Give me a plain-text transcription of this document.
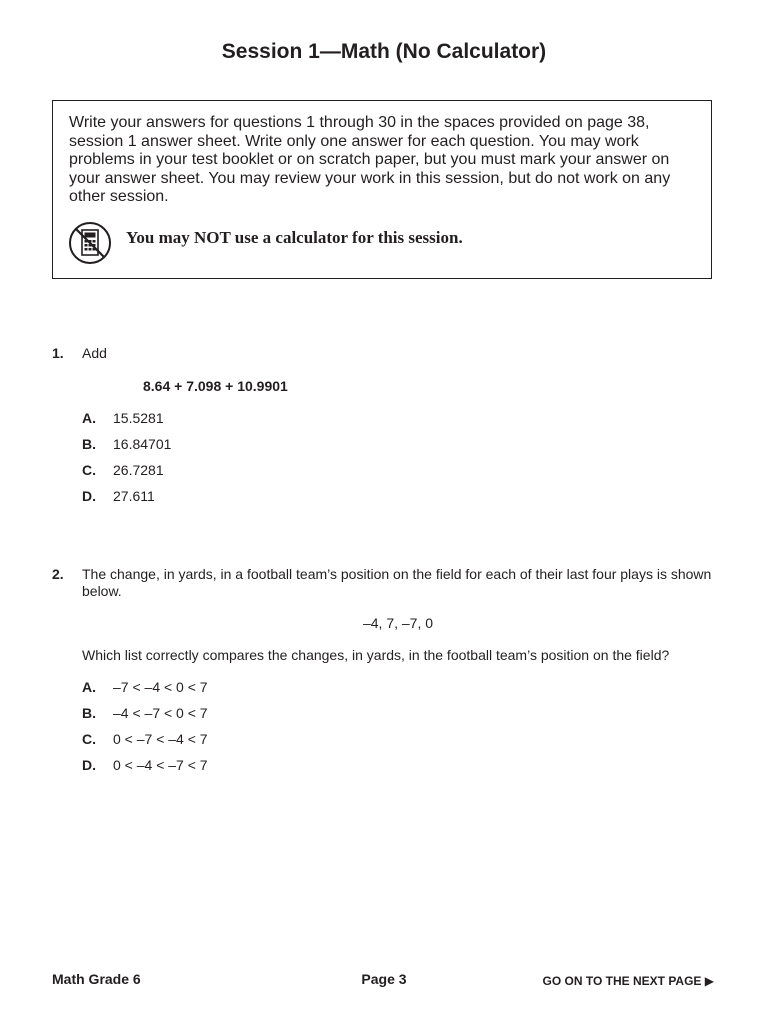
Session 1—Math (No Calculator)
Write your answers for questions 1 through 30 in the spaces provided on page 38, session 1 answer sheet. Write only one answer for each question. You may work problems in your test booklet or on scratch paper, but you must mark your answer on your answer sheet. You may review your work in this session, but do not work on any other session.
You may NOT use a calculator for this session.
1. Add
8.64 + 7.098 + 10.9901
A. 15.5281
B. 16.84701
C. 26.7281
D. 27.611
2. The change, in yards, in a football team’s position on the field for each of their last four plays is shown below.
–4, 7, –7, 0
Which list correctly compares the changes, in yards, in the football team’s position on the field?
A. –7 < –4 < 0 < 7
B. –4 < –7 < 0 < 7
C. 0 < –7 < –4 < 7
D. 0 < –4 < –7 < 7
Math Grade 6	Page 3	GO ON TO THE NEXT PAGE ▶
